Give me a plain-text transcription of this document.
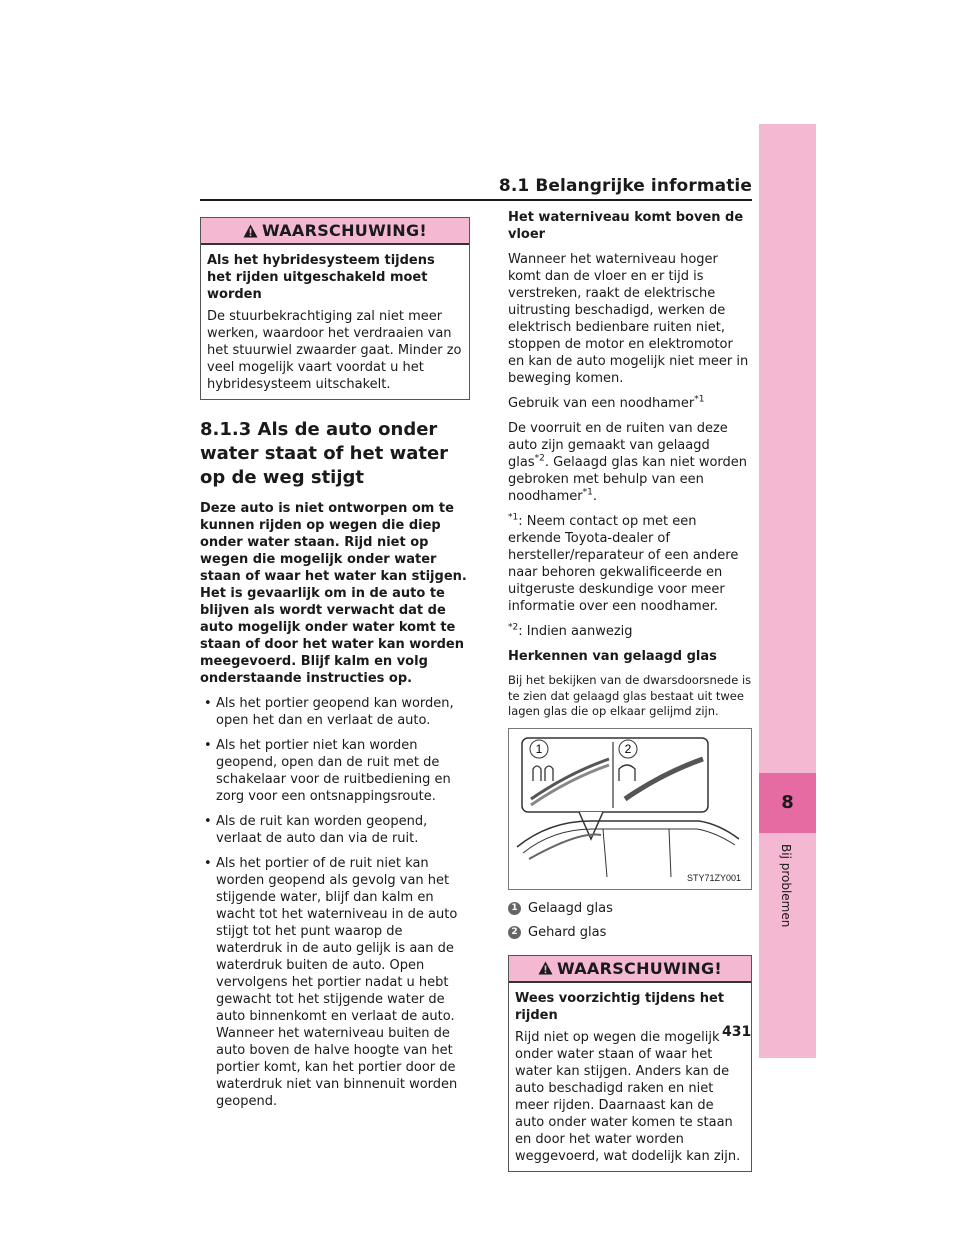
8.1 Belangrijke informatie
8
Bij problemen
WAARSCHUWING!
Als het hybridesysteem tijdens het rijden uitgeschakeld moet worden
De stuurbekrachtiging zal niet meer werken, waardoor het verdraaien van het stuurwiel zwaarder gaat. Minder zo veel mogelijk vaart voordat u het hybridesysteem uitschakelt.
8.1.3 Als de auto onder water staat of het water op de weg stijgt

Deze auto is niet ontworpen om te kunnen rijden op wegen die diep onder water staan. Rijd niet op wegen die mogelijk onder water staan of waar het water kan stijgen. Het is gevaarlijk om in de auto te blijven als wordt verwacht dat de auto mogelijk onder water komt te staan of door het water kan worden meegevoerd. Blijf kalm en volg onderstaande instructies op.

• Als het portier geopend kan worden, open het dan en verlaat de auto.
• Als het portier niet kan worden geopend, open dan de ruit met de schakelaar voor de ruitbediening en zorg voor een ontsnappingsroute.
• Als de ruit kan worden geopend, verlaat de auto dan via de ruit.
• Als het portier of de ruit niet kan worden geopend als gevolg van het stijgende water, blijf dan kalm en wacht tot het waterniveau in de auto stijgt tot het punt waarop de waterdruk in de auto gelijk is aan de waterdruk buiten de auto. Open vervolgens het portier nadat u hebt gewacht tot het stijgende water de auto binnenkomt en verlaat de auto. Wanneer het waterniveau buiten de auto boven de halve hoogte van het portier komt, kan het portier door de waterdruk niet van binnenuit worden geopend.

Het waterniveau komt boven de vloer

Wanneer het waterniveau hoger komt dan de vloer en er tijd is verstreken, raakt de elektrische uitrusting beschadigd, werken de elektrisch bedienbare ruiten niet, stoppen de motor en elektromotor en kan de auto mogelijk niet meer in beweging komen.

Gebruik van een noodhamer$^{*1}$

De voorruit en de ruiten van deze auto zijn gemaakt van gelaagd glas$^{*2}$. Gelaagd glas kan niet worden gebroken met behulp van een noodhamer$^{*1}$.

$^{*1}$: Neem contact op met een erkende Toyota-dealer of hersteller/reparateur of een andere naar behoren gekwalificeerde en uitgeruste deskundige voor meer informatie over een noodhamer.

$^{*2}$: Indien aanwezig

Herkennen van gelaagd glas

Bij het bekijken van de dwarsdoorsnede is te zien dat gelaagd glas bestaat uit twee lagen glas die op elkaar gelijmd zijn.

1	2
STY71ZY001
1 Gelaagd glas
2 Gehard glas
WAARSCHUWING!
Wees voorzichtig tijdens het rijden
Rijd niet op wegen die mogelijk onder water staan of waar het water kan stijgen. Anders kan de auto beschadigd raken en niet meer rijden. Daarnaast kan de auto onder water komen te staan en door het water worden weggevoerd, wat dodelijk kan zijn.
431
